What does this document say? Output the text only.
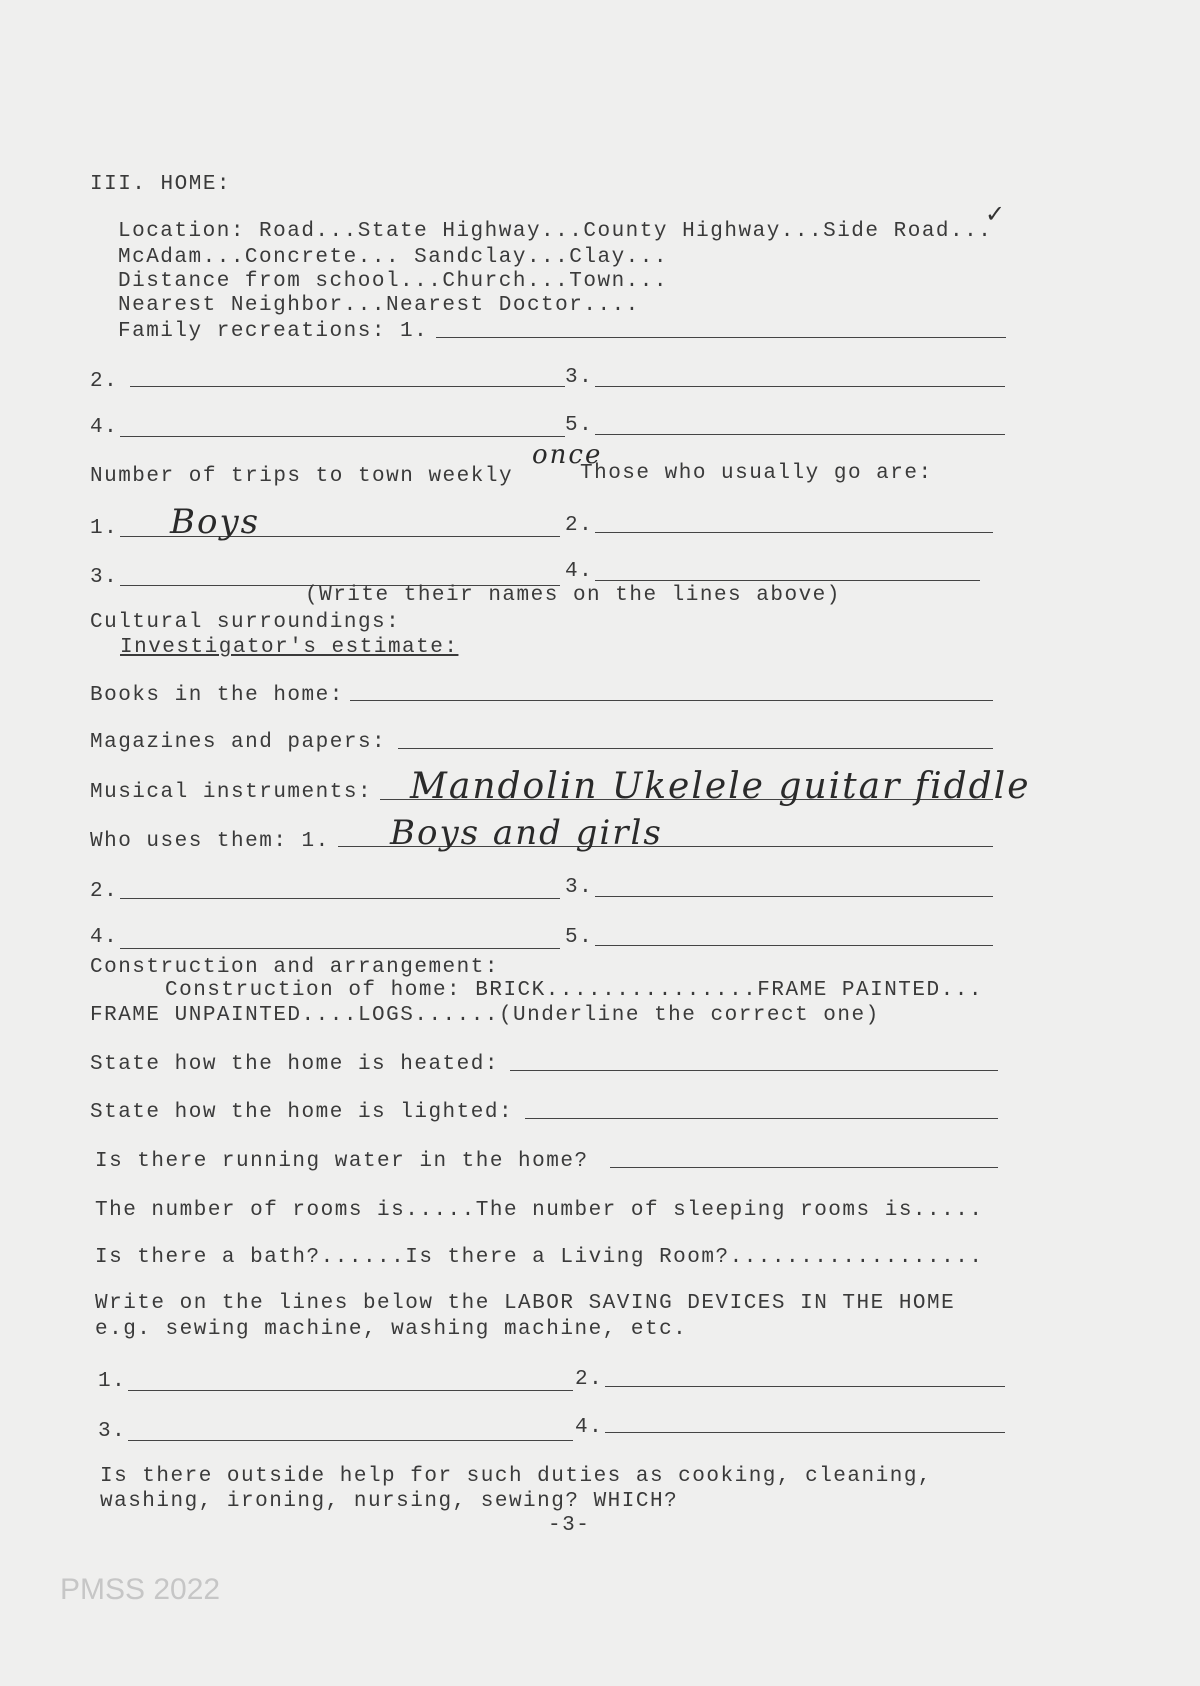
III. HOME:
Location: Road...State Highway...County Highway...Side Road...
✓
McAdam...Concrete... Sandclay...Clay...
Distance from school...Church...Town...
Nearest Neighbor...Nearest Doctor....
Family recreations: 1.
2.	3.
4.	5.
Number of trips to town weekly
once
Those who usually go are:
1. Boys	2.
3.	4.
(Write their names on the lines above)
Cultural surroundings:
Investigator's estimate:
Books in the home:
Magazines and papers:
Musical instruments: Mandolin Ukelele guitar fiddle
Who uses them: 1. Boys and girls
2.	3.
4.	5.
Construction and arrangement:
Construction of home: BRICK...............FRAME PAINTED...
FRAME UNPAINTED....LOGS......(Underline the correct one)
State how the home is heated:
State how the home is lighted:
Is there running water in the home?
The number of rooms is.....The number of sleeping rooms is.....
Is there a bath?......Is there a Living Room?..................
Write on the lines below the LABOR SAVING DEVICES IN THE HOME
e.g. sewing machine, washing machine, etc.
1.	2.
3.	4.
Is there outside help for such duties as cooking, cleaning,
washing, ironing, nursing, sewing? WHICH?
-3-
PMSS 2022
